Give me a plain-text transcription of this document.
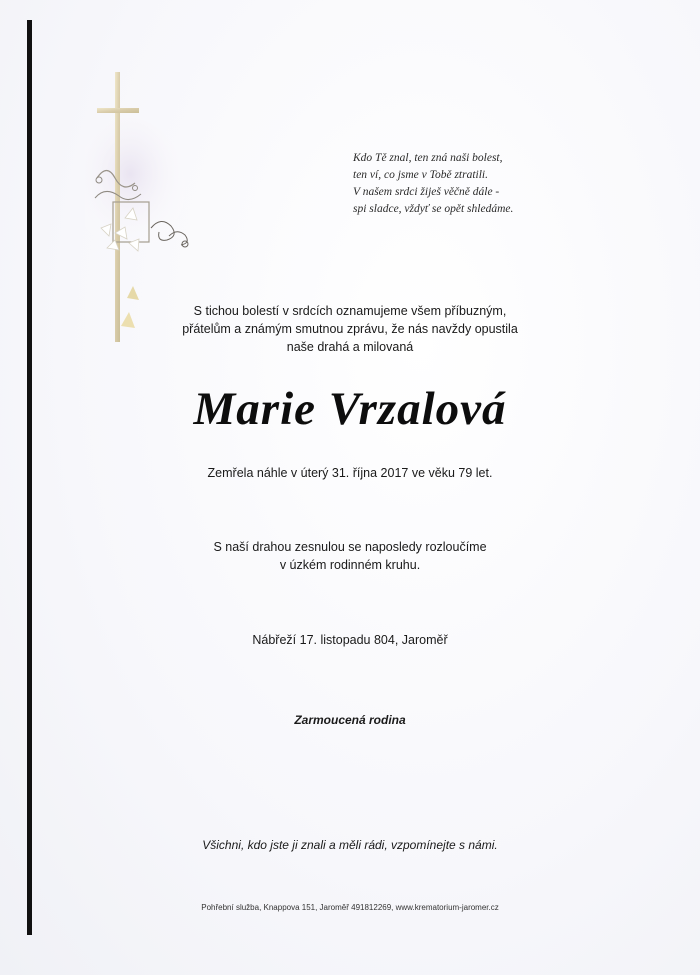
Kdo Tě znal, ten zná naši bolest,
ten ví, co jsme v Tobě ztratili.
V našem srdci žiješ věčně dále -
spi sladce, vždyť se opět shledáme.
S tichou bolestí v srdcích oznamujeme všem příbuzným,
přátelům a známým smutnou zprávu, že nás navždy opustila
naše drahá a milovaná
Marie Vrzalová
Zemřela náhle v úterý 31. října 2017 ve věku 79 let.
S naší drahou zesnulou se naposledy rozloučíme
v úzkém rodinném kruhu.
Nábřeží 17. listopadu 804, Jaroměř
Zarmoucená rodina
Všichni, kdo jste ji znali a měli rádi, vzpomínejte s námi.
Pohřební služba, Knappova 151, Jaroměř 491812269, www.krematorium-jaromer.cz
